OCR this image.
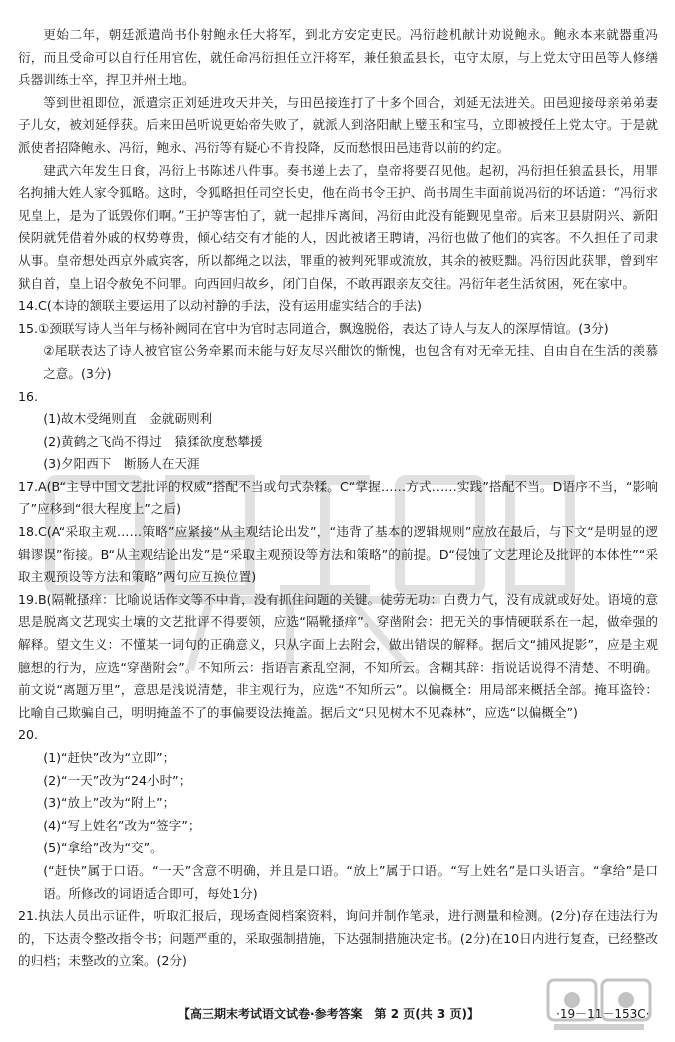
更始二年，朝廷派遣尚书仆射鲍永任大将军，到北方安定吏民。冯衍趁机献计劝说鲍永。鲍永本来就器重冯衍，而且受命可以自行任用官佐，就任命冯衍担任立汗将军，兼任狼孟县长，屯守太原，与上党太守田邑等人修缮兵器训练士卒，捍卫并州土地。

等到世祖即位，派遣宗正刘延进攻天井关，与田邑接连打了十多个回合，刘延无法进关。田邑迎接母亲弟弟妻子儿女，被刘延俘获。后来田邑听说更始帝失败了，就派人到洛阳献上璧玉和宝马，立即被授任上党太守。于是就派使者招降鲍永、冯衍，鲍永、冯衍等有疑心不肯投降，反而愁恨田邑违背以前的约定。

建武六年发生日食，冯衍上书陈述八件事。奏书递上去了，皇帝将要召见他。起初，冯衍担任狼孟县长，用罪名拘捕大姓人家令狐略。这时，令狐略担任司空长史，他在尚书令王护、尚书周生丰面前说冯衍的坏话道：“冯衍求见皇上，是为了诋毁你们啊。”王护等害怕了，就一起排斥离间，冯衍由此没有能觐见皇帝。后来卫县尉阴兴、新阳侯阴就凭借着外戚的权势尊贵，倾心结交有才能的人，因此被诸王聘请，冯衍也做了他们的宾客。不久担任了司隶从事。皇帝想处西京外戚宾客，所以都绳之以法，罪重的被判死罪或流放，其余的被贬黜。冯衍因此获罪，曾到牢狱自首，皇上诏令赦免不问罪。向西回归故乡，闭门自保，不敢再跟亲友交往。冯衍年老生活贫困，死在家中。

14.C(本诗的颔联主要运用了以动衬静的手法，没有运用虚实结合的手法)

15.①颈联写诗人当年与杨补阙同在官中为官时志同道合，飘逸脱俗，表达了诗人与友人的深厚情谊。(3分)

②尾联表达了诗人被官宦公务牵累而未能与好友尽兴酣饮的惭愧，也包含有对无牵无挂、自由自在生活的羡慕之意。(3分)

16.

(1)故木受绳则直　金就砺则利

(2)黄鹤之飞尚不得过　猿猱欲度愁攀援

(3)夕阳西下　断肠人在天涯

17.A(B“主导中国文艺批评的权威”搭配不当或句式杂糅。C“掌握……方式……实践”搭配不当。D语序不当，“影响了”应移到“很大程度上”之后)

18.C(A“采取主观……策略”应紧接“从主观结论出发”，“违背了基本的逻辑规则”应放在最后，与下文“是明显的逻辑谬误”衔接。B“从主观结论出发”是“采取主观预设等方法和策略”的前提。D“侵蚀了文艺理论及批评的本体性”“采取主观预设等方法和策略”两句应互换位置)

19.B(隔靴搔痒：比喻说话作文等不中肯，没有抓住问题的关键。徒劳无功：白费力气，没有成就或好处。语境的意思是脱离文艺现实土壤的文艺批评不得要领，应选“隔靴搔痒”。穿凿附会：把无关的事情硬联系在一起，做牵强的解释。望文生义：不懂某一词句的正确意义，只从字面上去附会，做出错误的解释。据后文“捕风捉影”，应是主观臆想的行为，应选“穿凿附会”。不知所云：指语言紊乱空洞，不知所云。含糊其辞：指说话说得不清楚、不明确。前文说“离题万里”，意思是浅说清楚，非主观行为，应选“不知所云”。以偏概全：用局部来概括全部。掩耳盗铃：比喻自己欺骗自己，明明掩盖不了的事偏要设法掩盖。据后文“只见树木不见森林”，应选“以偏概全”)

20.

(1)“赶快”改为“立即”；

(2)“一天”改为“24小时”；

(3)“放上”改为“附上”；

(4)“写上姓名”改为“签字”；

(5)“拿给”改为“交”。

(“赶快”属于口语。“一天”含意不明确，并且是口语。“放上”属于口语。“写上姓名”是口头语言。“拿给”是口语。所修改的词语适合即可，每处1分)

21.执法人员出示证件，听取汇报后，现场查阅档案资料，询问并制作笔录，进行测量和检测。(2分)存在违法行为的，下达责令整改指令书；问题严重的，采取强制措施，下达强制措施决定书。(2分)在10日内进行复查，已经整改的归档；未整改的立案。(2分)

【高三期末考试语文试卷·参考答案　第 2 页(共 3 页)】	·19－11－153C·
